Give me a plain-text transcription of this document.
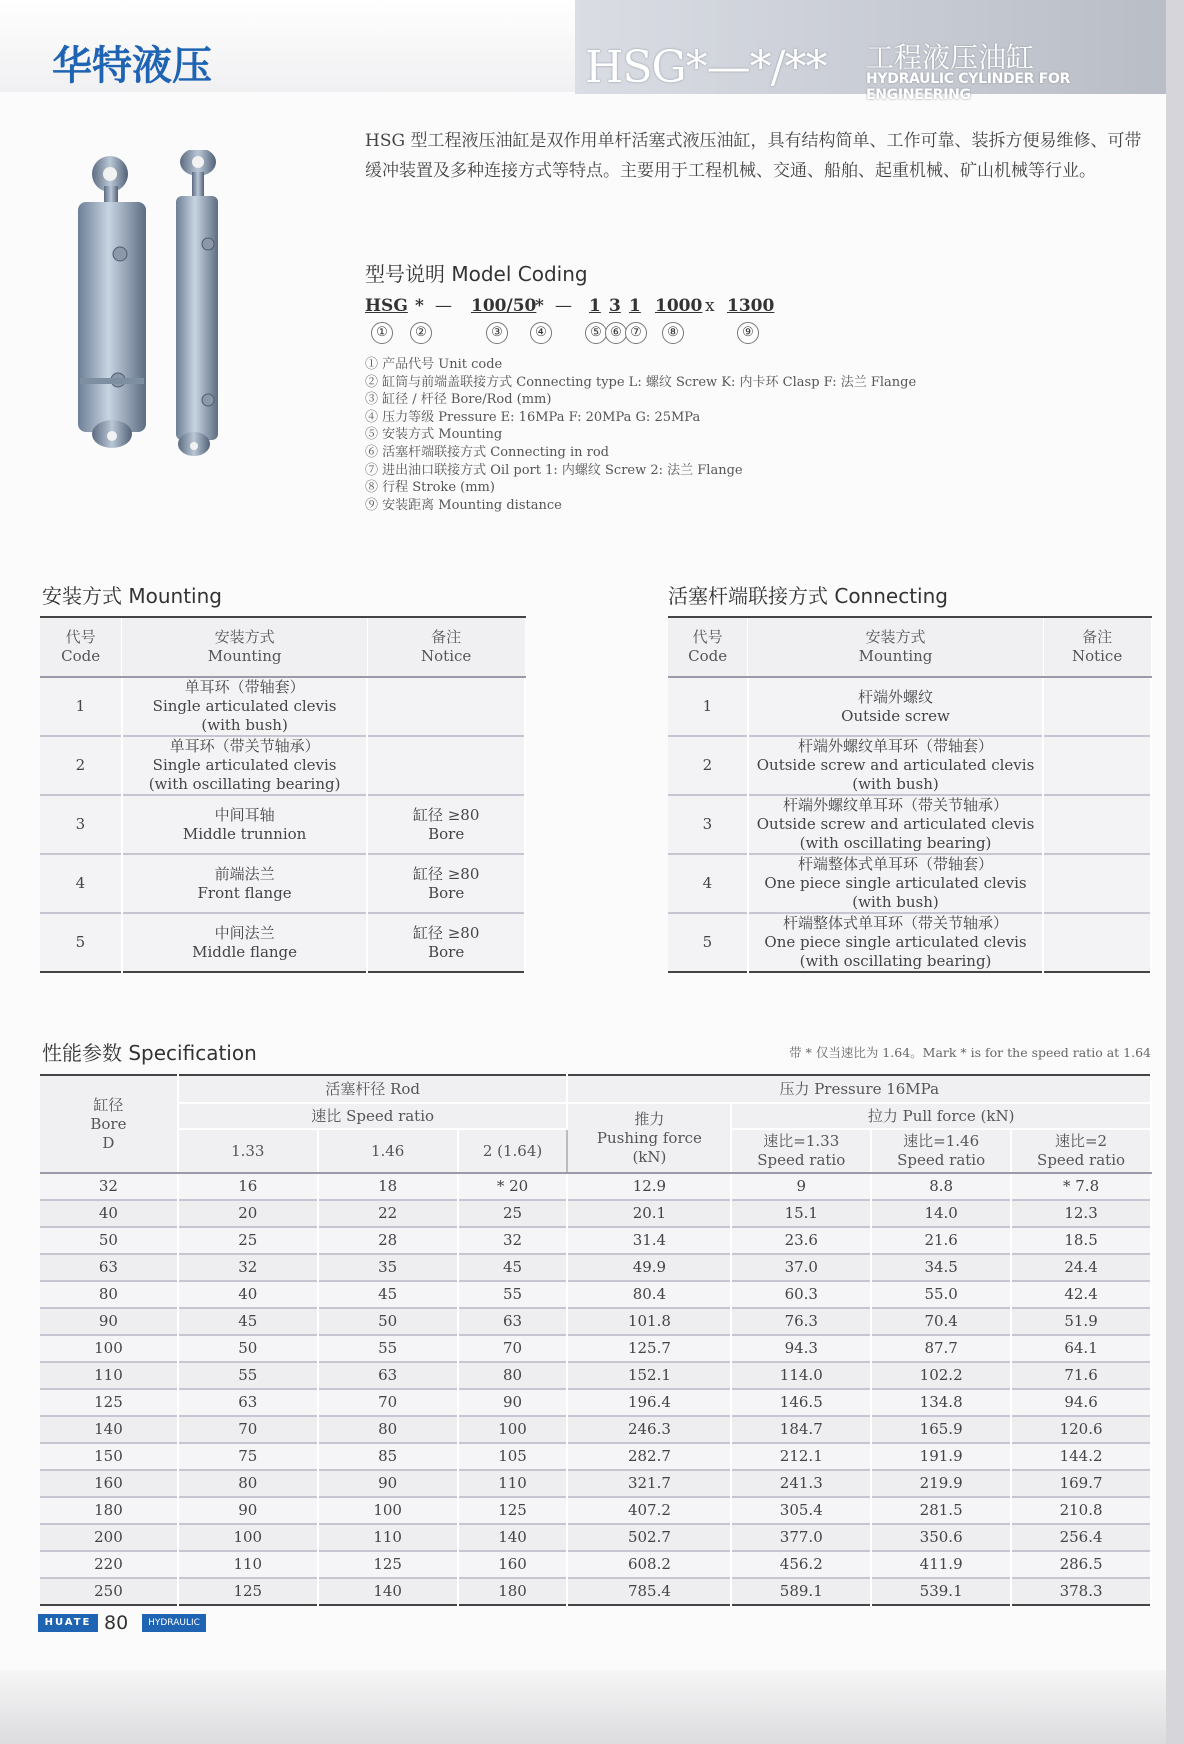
华特液压	HSG*—*/** 工程液压油缸
HYDRAULIC CYLINDER FOR ENGINEERING
HSG 型工程液压油缸是双作用单杆活塞式液压油缸，具有结构简单、工作可靠、装拆方便易维修、可带缓冲装置及多种连接方式等特点。主要用于工程机械、交通、船舶、起重机械、矿山机械等行业。
型号说明 Model Coding
HSG * — 100/50
* — 1 3 1 1000 x 1300
①	②	③	④	⑤ ⑥ ⑦	⑧	⑨
① 产品代号 Unit code
② 缸筒与前端盖联接方式 Connecting type L: 螺纹 Screw K: 内卡环 Clasp F: 法兰 Flange
③ 缸径 / 杆径 Bore/Rod (mm)
④ 压力等级 Pressure E: 16MPa F: 20MPa G: 25MPa
⑤ 安装方式 Mounting
⑥ 活塞杆端联接方式 Connecting in rod
⑦ 进出油口联接方式 Oil port 1: 内螺纹 Screw 2: 法兰 Flange
⑧ 行程 Stroke (mm)
⑨ 安装距离 Mounting distance
安装方式 Mounting
代号
Code	安装方式
Mounting	备注
Notice
1	单耳环（带轴套）
Single articulated clevis
(with bush)	
2	单耳环（带关节轴承）
Single articulated clevis
(with oscillating bearing)	
3	中间耳轴
Middle trunnion	缸径 ≥80
Bore
4	前端法兰
Front flange	缸径 ≥80
Bore
5	中间法兰
Middle flange	缸径 ≥80
Bore
活塞杆端联接方式 Connecting
代号
Code	安装方式
Mounting	备注
Notice
1	杆端外螺纹
Outside screw	
2	杆端外螺纹单耳环（带轴套）
Outside screw and articulated clevis
(with bush)	
3	杆端外螺纹单耳环（带关节轴承）
Outside screw and articulated clevis
(with oscillating bearing)	
4	杆端整体式单耳环（带轴套）
One piece single articulated clevis
(with bush)	
5	杆端整体式单耳环（带关节轴承）
One piece single articulated clevis
(with oscillating bearing)	
性能参数 Specification	带 * 仅当速比为 1.64。Mark * is for the speed ratio at 1.64
缸径
Bore
D	活塞杆径 Rod			压力 Pressure 16MPa			
	速比 Speed ratio			推力
Pushing force
(kN)	拉力 Pull force (kN)		
	1.33	1.46	2 (1.64)		速比=1.33
Speed ratio	速比=1.46
Speed ratio	速比=2
Speed ratio
32	16	18	* 20	12.9	9	8.8	* 7.8
40	20	22	25	20.1	15.1	14.0	12.3
50	25	28	32	31.4	23.6	21.6	18.5
63	32	35	45	49.9	37.0	34.5	24.4
80	40	45	55	80.4	60.3	55.0	42.4
90	45	50	63	101.8	76.3	70.4	51.9
100	50	55	70	125.7	94.3	87.7	64.1
110	55	63	80	152.1	114.0	102.2	71.6
125	63	70	90	196.4	146.5	134.8	94.6
140	70	80	100	246.3	184.7	165.9	120.6
150	75	85	105	282.7	212.1	191.9	144.2
160	80	90	110	321.7	241.3	219.9	169.7
180	90	100	125	407.2	305.4	281.5	210.8
200	100	110	140	502.7	377.0	350.6	256.4
220	110	125	160	608.2	456.2	411.9	286.5
250	125	140	180	785.4	589.1	539.1	378.3
HUATE 80	HYDRAULIC
